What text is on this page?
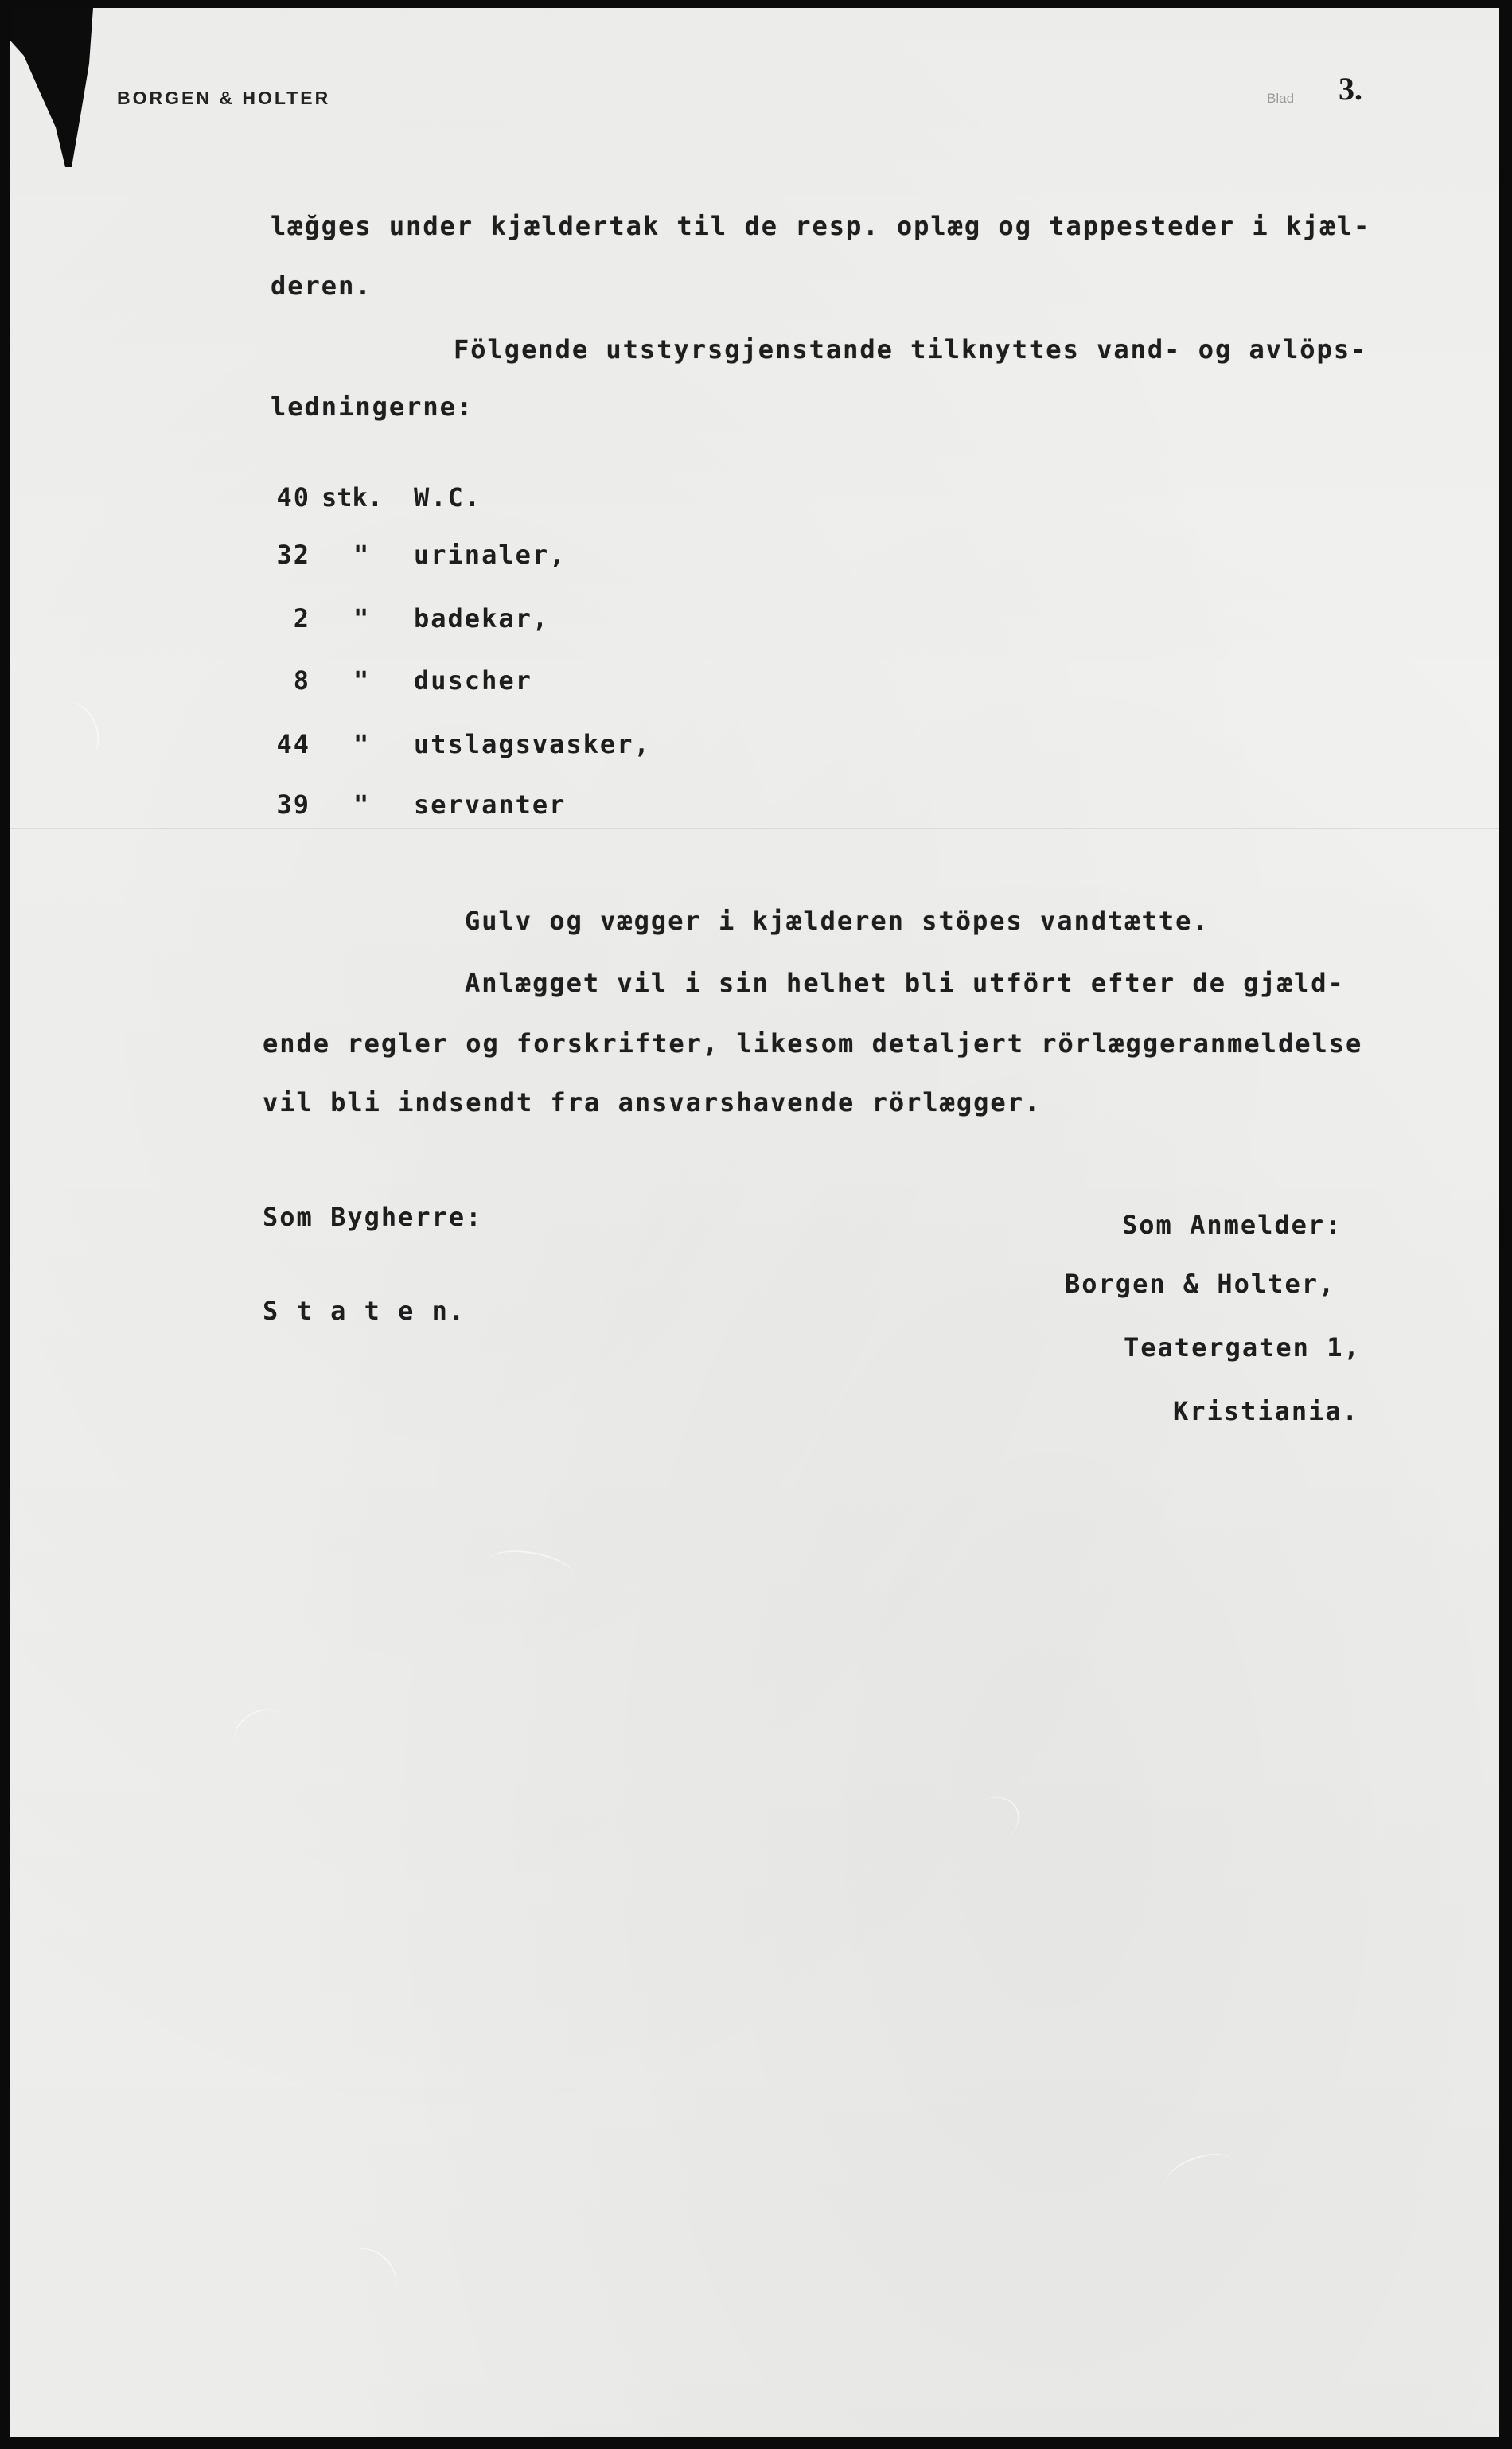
BORGEN & HOLTER	Blad 3.
læğges under kjældertak til de resp. oplæg og tappesteder i kjæl-
deren.
Fölgende utstyrsgjenstande tilknyttes vand- og avlöps-
ledningerne:
40 stk. W.C.
32 " urinaler,
2 " badekar,
8 " duscher
44 " utslagsvasker,
39 " servanter
Gulv og vægger i kjælderen stöpes vandtætte.
Anlægget vil i sin helhet bli utfört efter de gjæld-
ende regler og forskrifter, likesom detaljert rörlæggeranmeldelse
vil bli indsendt fra ansvarshavende rörlægger.
Som Bygherre:
S t a t e n.
Som Anmelder:
Borgen & Holter,
Teatergaten 1,
Kristiania.
